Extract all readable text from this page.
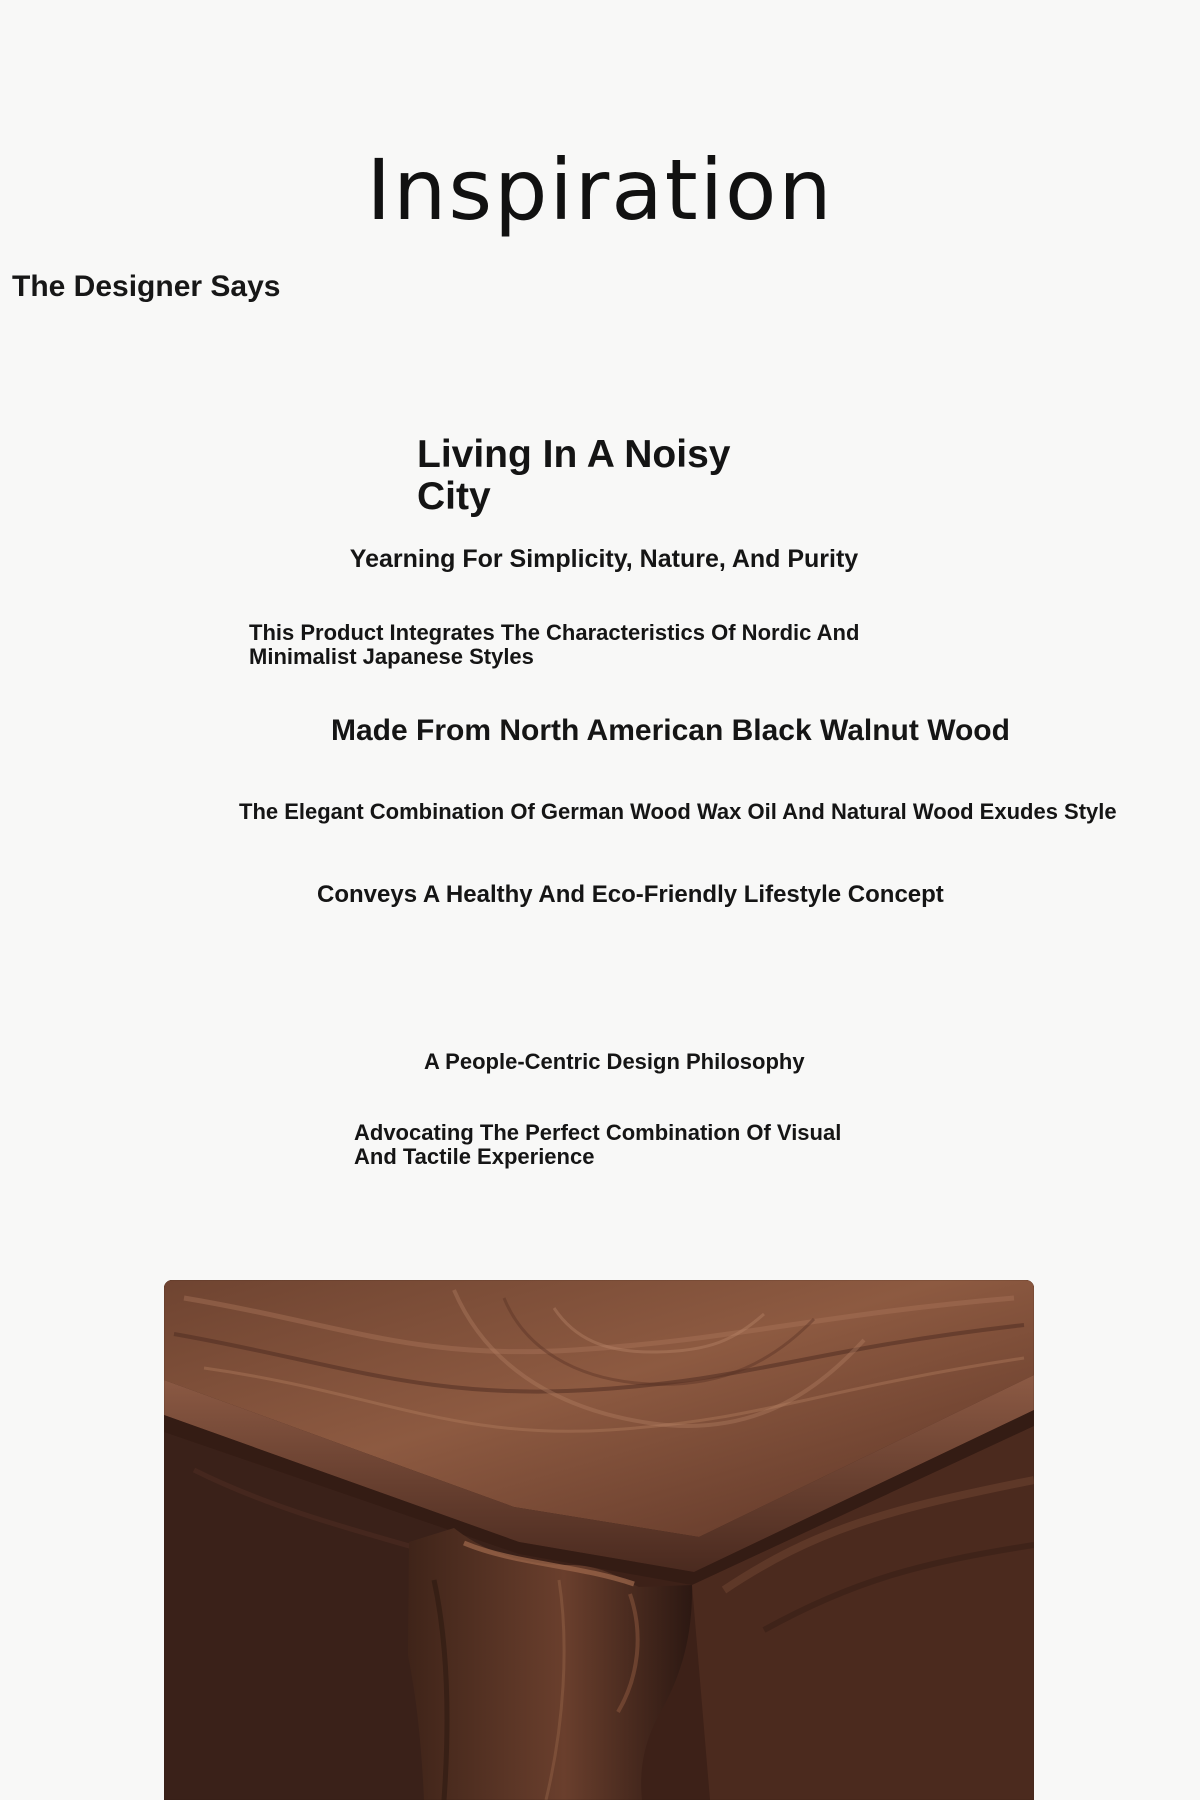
Inspiration
The Designer Says
Living In A Noisy City
Yearning For Simplicity, Nature, And Purity
This Product Integrates The Characteristics Of Nordic And Minimalist Japanese Styles
Made From North American Black Walnut Wood
The Elegant Combination Of German Wood Wax Oil And Natural Wood Exudes Style
Conveys A Healthy And Eco-Friendly Lifestyle Concept
A People-Centric Design Philosophy
Advocating The Perfect Combination Of Visual And Tactile Experience
